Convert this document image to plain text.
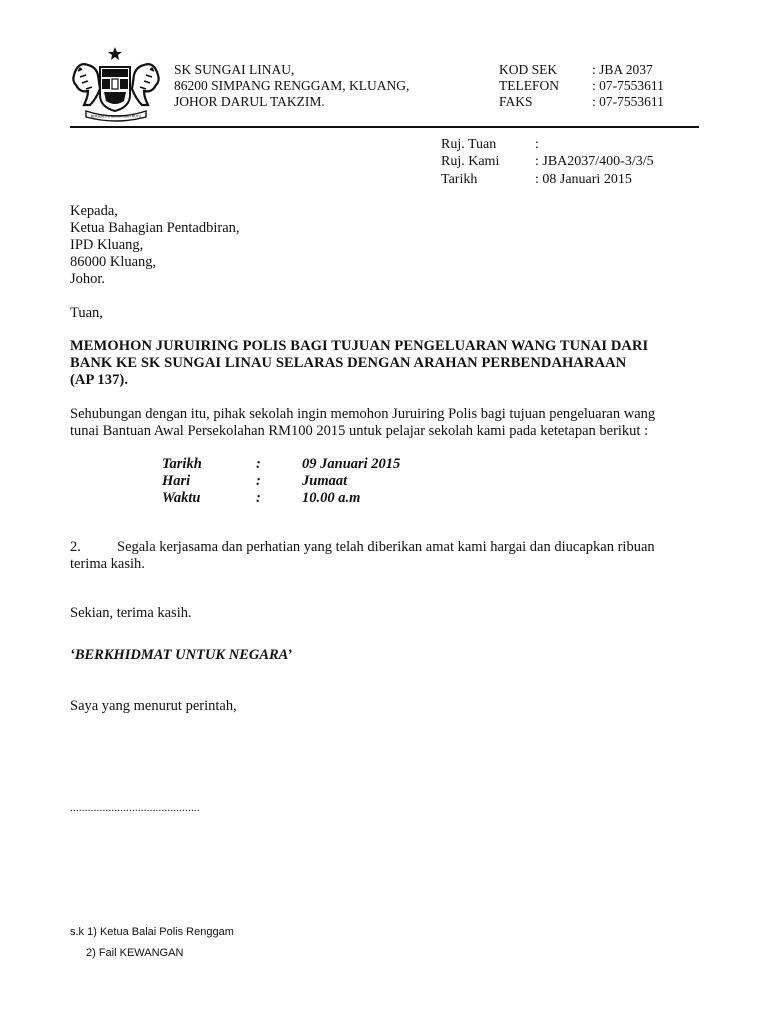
BERSEKUTU BERTAMBAH MUTU
SK SUNGAI LINAU,
86200 SIMPANG RENGGAM, KLUANG,
JOHOR DARUL TAKZIM.
KOD SEK	: JBA 2037
TELEFON : 07-7553611
FAKS	: 07-7553611
Ruj. Tuan	:
Ruj. Kami	: JBA2037/400-3/3/5
Tarikh	: 08 Januari 2015
Kepada,
Ketua Bahagian Pentadbiran,
IPD Kluang,
86000 Kluang,
Johor.
Tuan,
MEMOHON JURUIRING POLIS BAGI TUJUAN PENGELUARAN WANG TUNAI DARI
BANK KE SK SUNGAI LINAU SELARAS DENGAN ARAHAN PERBENDAHARAAN
(AP 137).
Sehubungan dengan itu, pihak sekolah ingin memohon Juruiring Polis bagi tujuan pengeluaran wang
tunai Bantuan Awal Persekolahan RM100 2015 untuk pelajar sekolah kami pada ketetapan berikut :
Tarikh	:	09 Januari 2015
Hari	:	Jumaat
Waktu	:	10.00 a.m
2. Segala kerjasama dan perhatian yang telah diberikan amat kami hargai dan diucapkan ribuan
terima kasih.
Sekian, terima kasih.
‘BERKHIDMAT UNTUK NEGARA’
Saya yang menurut perintah,
............................................
s.k 1) Ketua Balai Polis Renggam
2) Fail KEWANGAN
